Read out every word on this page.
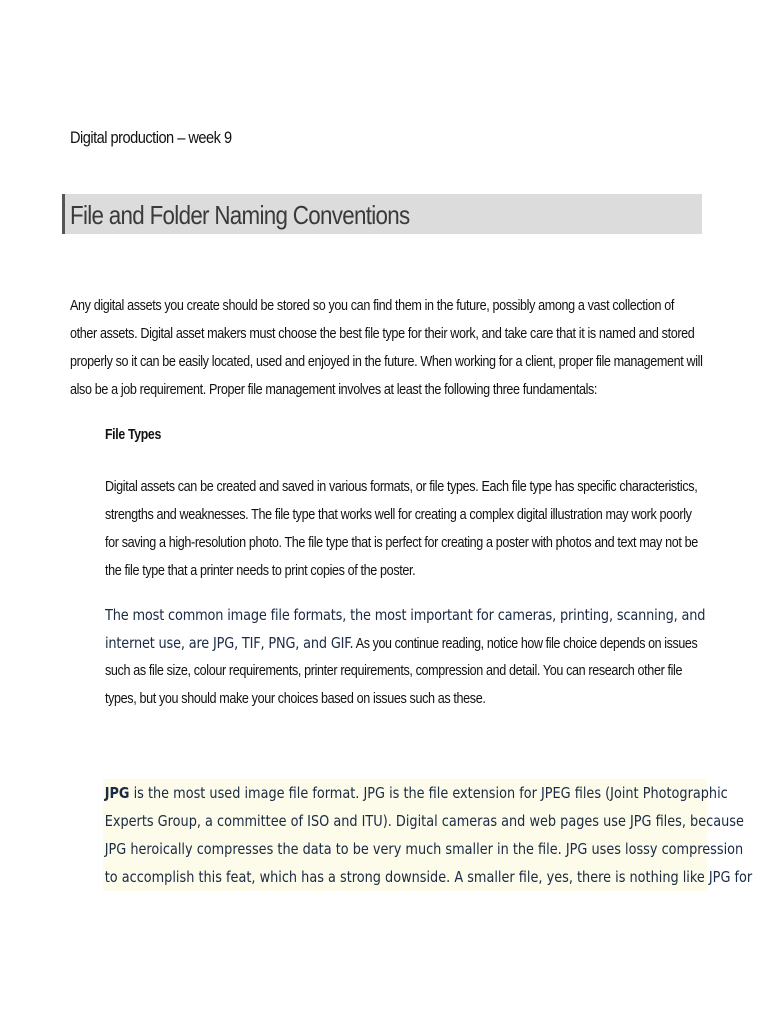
Digital production – week 9
File and Folder Naming Conventions
Any digital assets you create should be stored so you can find them in the future, possibly among a vast collection of
other assets. Digital asset makers must choose the best file type for their work, and take care that it is named and stored
properly so it can be easily located, used and enjoyed in the future. When working for a client, proper file management will
also be a job requirement. Proper file management involves at least the following three fundamentals:
File Types
Digital assets can be created and saved in various formats, or file types. Each file type has specific characteristics,
strengths and weaknesses. The file type that works well for creating a complex digital illustration may work poorly
for saving a high-resolution photo. The file type that is perfect for creating a poster with photos and text may not be
the file type that a printer needs to print copies of the poster.
The most common image file formats, the most important for cameras, printing, scanning, and
internet use, are JPG, TIF, PNG, and GIF. As you continue reading, notice how file choice depends on issues
such as file size, colour requirements, printer requirements, compression and detail. You can research other file
types, but you should make your choices based on issues such as these.
JPG is the most used image file format. JPG is the file extension for JPEG files (Joint Photographic
Experts Group, a committee of ISO and ITU). Digital cameras and web pages use JPG files, because
JPG heroically compresses the data to be very much smaller in the file. JPG uses lossy compression
to accomplish this feat, which has a strong downside. A smaller file, yes, there is nothing like JPG for
